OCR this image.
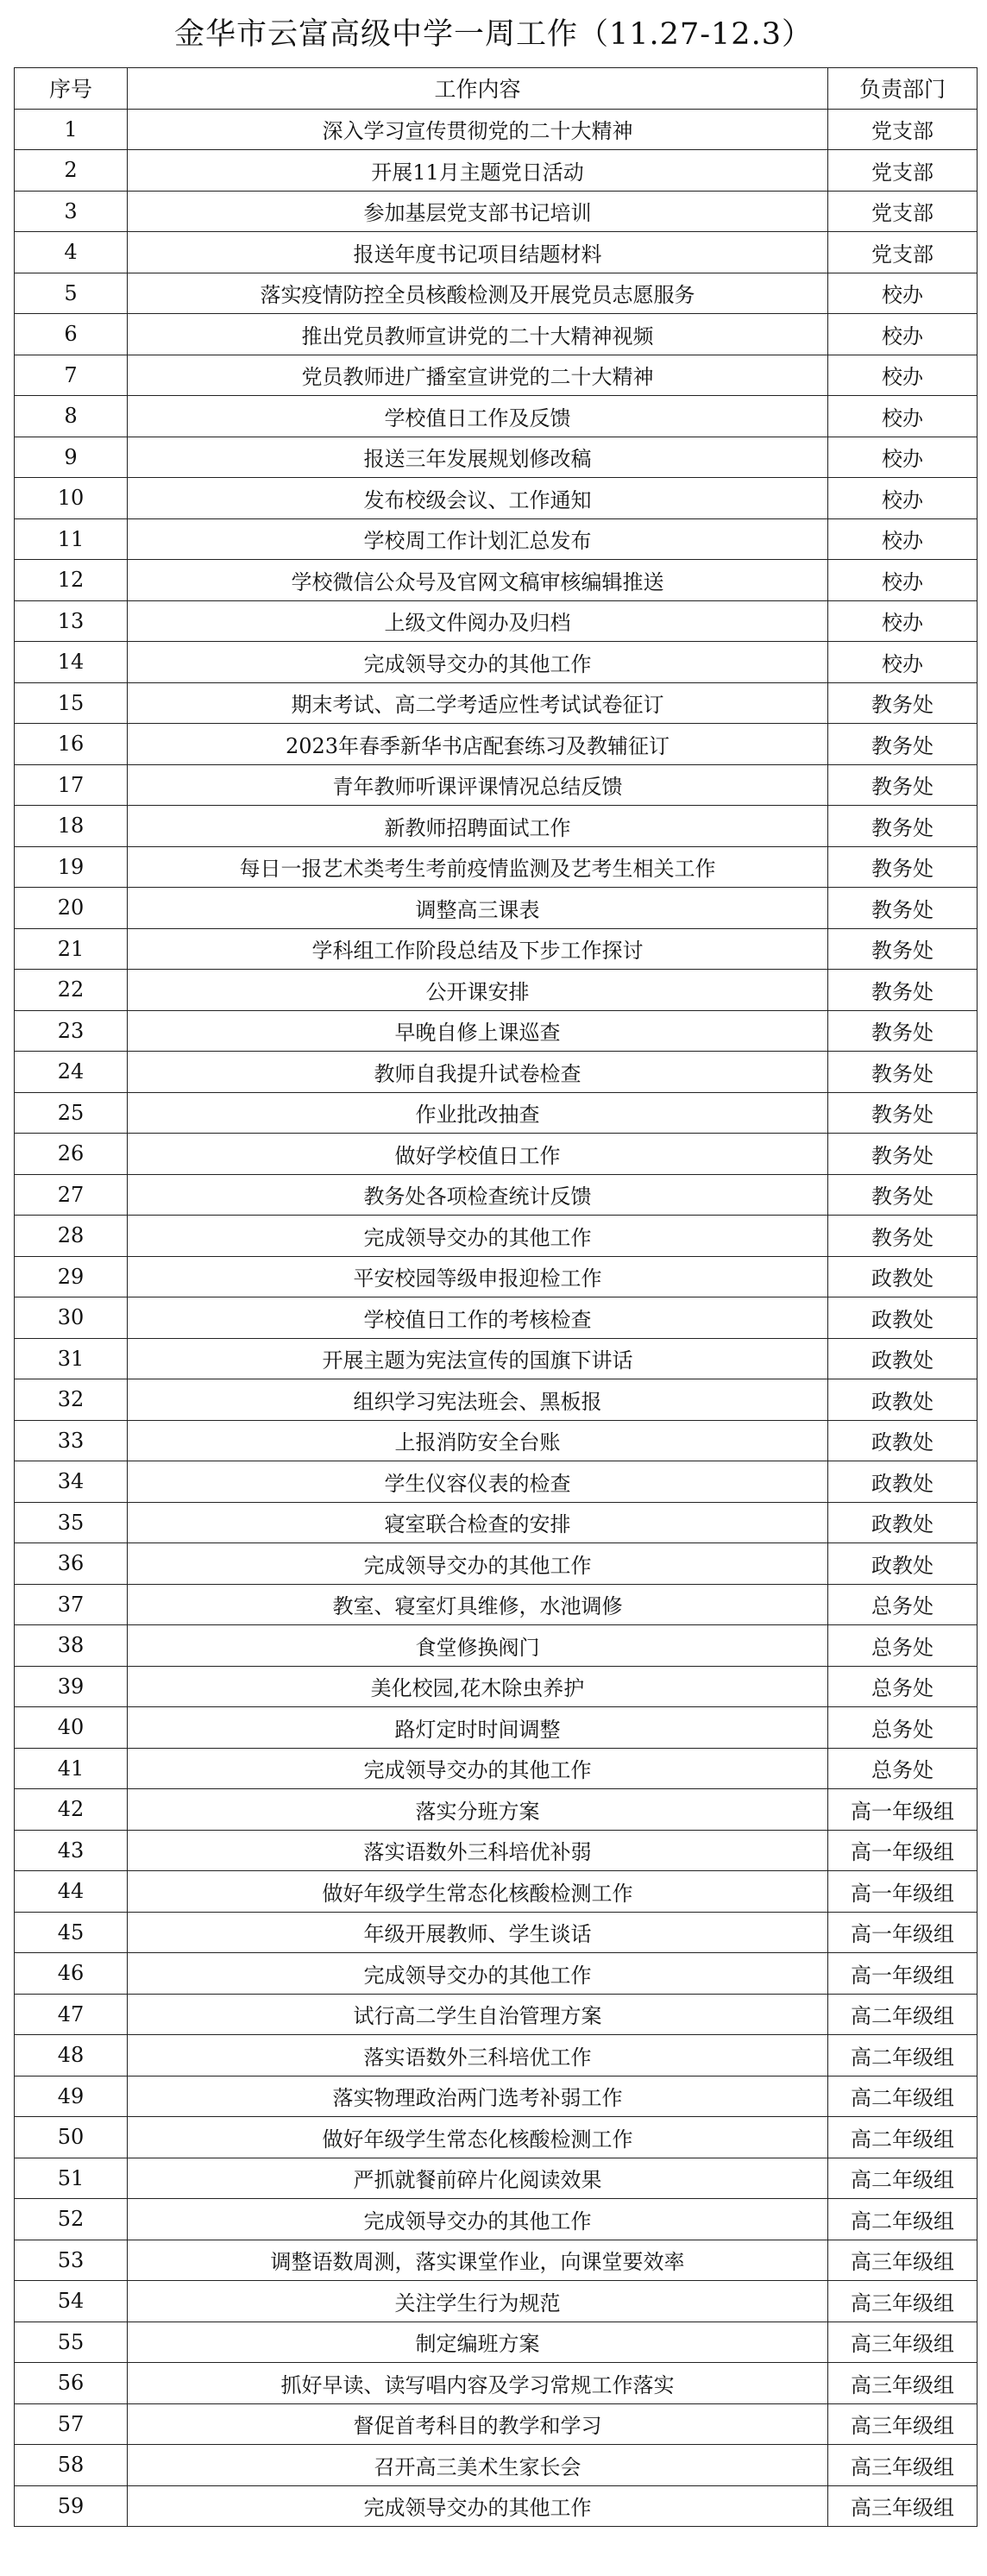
金华市云富高级中学一周工作（11.27-12.3）
序号	工作内容	负责部门
1	深入学习宣传贯彻党的二十大精神	党支部
2	开展11月主题党日活动	党支部
3	参加基层党支部书记培训	党支部
4	报送年度书记项目结题材料	党支部
5	落实疫情防控全员核酸检测及开展党员志愿服务	校办
6	推出党员教师宣讲党的二十大精神视频	校办
7	党员教师进广播室宣讲党的二十大精神	校办
8	学校值日工作及反馈	校办
9	报送三年发展规划修改稿	校办
10	发布校级会议、工作通知	校办
11	学校周工作计划汇总发布	校办
12	学校微信公众号及官网文稿审核编辑推送	校办
13	上级文件阅办及归档	校办
14	完成领导交办的其他工作	校办
15	期末考试、高二学考适应性考试试卷征订	教务处
16	2023年春季新华书店配套练习及教辅征订	教务处
17	青年教师听课评课情况总结反馈	教务处
18	新教师招聘面试工作	教务处
19	每日一报艺术类考生考前疫情监测及艺考生相关工作	教务处
20	调整高三课表	教务处
21	学科组工作阶段总结及下步工作探讨	教务处
22	公开课安排	教务处
23	早晚自修上课巡查	教务处
24	教师自我提升试卷检查	教务处
25	作业批改抽查	教务处
26	做好学校值日工作	教务处
27	教务处各项检查统计反馈	教务处
28	完成领导交办的其他工作	教务处
29	平安校园等级申报迎检工作	政教处
30	学校值日工作的考核检查	政教处
31	开展主题为宪法宣传的国旗下讲话	政教处
32	组织学习宪法班会、黑板报	政教处
33	上报消防安全台账	政教处
34	学生仪容仪表的检查	政教处
35	寝室联合检查的安排	政教处
36	完成领导交办的其他工作	政教处
37	教室、寝室灯具维修，水池调修	总务处
38	食堂修换阀门	总务处
39	美化校园,花木除虫养护	总务处
40	路灯定时时间调整	总务处
41	完成领导交办的其他工作	总务处
42	落实分班方案	高一年级组
43	落实语数外三科培优补弱	高一年级组
44	做好年级学生常态化核酸检测工作	高一年级组
45	年级开展教师、学生谈话	高一年级组
46	完成领导交办的其他工作	高一年级组
47	试行高二学生自治管理方案	高二年级组
48	落实语数外三科培优工作	高二年级组
49	落实物理政治两门选考补弱工作	高二年级组
50	做好年级学生常态化核酸检测工作	高二年级组
51	严抓就餐前碎片化阅读效果	高二年级组
52	完成领导交办的其他工作	高二年级组
53	调整语数周测，落实课堂作业，向课堂要效率	高三年级组
54	关注学生行为规范	高三年级组
55	制定编班方案	高三年级组
56	抓好早读、读写唱内容及学习常规工作落实	高三年级组
57	督促首考科目的教学和学习	高三年级组
58	召开高三美术生家长会	高三年级组
59	完成领导交办的其他工作	高三年级组
